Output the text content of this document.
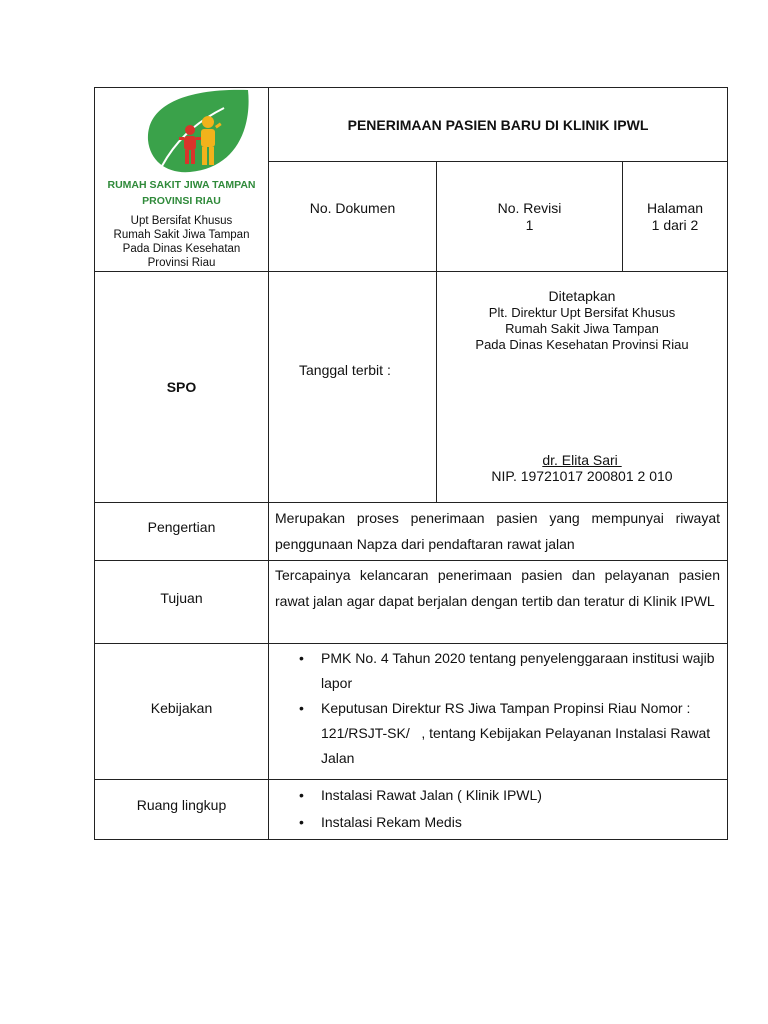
RUMAH SAKIT JIWA TAMPAN
PROVINSI RIAU
Upt Bersifat Khusus
Rumah Sakit Jiwa Tampan
Pada Dinas Kesehatan
Provinsi Riau
PENERIMAAN PASIEN BARU DI KLINIK IPWL
No. Dokumen	No. Revisi
1
Halaman
1 dari 2
SPO
Tanggal terbit :
Ditetapkan
Plt. Direktur Upt Bersifat Khusus
Rumah Sakit Jiwa Tampan
Pada Dinas Kesehatan Provinsi Riau
dr. Elita Sari
NIP. 19721017 200801 2 010
Pengertian
Merupakan proses penerimaan pasien yang mempunyai riwayat penggunaan Napza dari pendaftaran rawat jalan
Tujuan
Tercapainya kelancaran penerimaan pasien dan pelayanan pasien rawat jalan agar dapat berjalan dengan tertib dan teratur di Klinik IPWL
Kebijakan
• PMK No. 4 Tahun 2020 tentang penyelenggaraan institusi wajib lapor
• Keputusan Direktur RS Jiwa Tampan Propinsi Riau Nomor : 121/RSJT-SK/   , tentang Kebijakan Pelayanan Instalasi Rawat Jalan
Ruang lingkup
• Instalasi Rawat Jalan ( Klinik IPWL)
• Instalasi Rekam Medis
